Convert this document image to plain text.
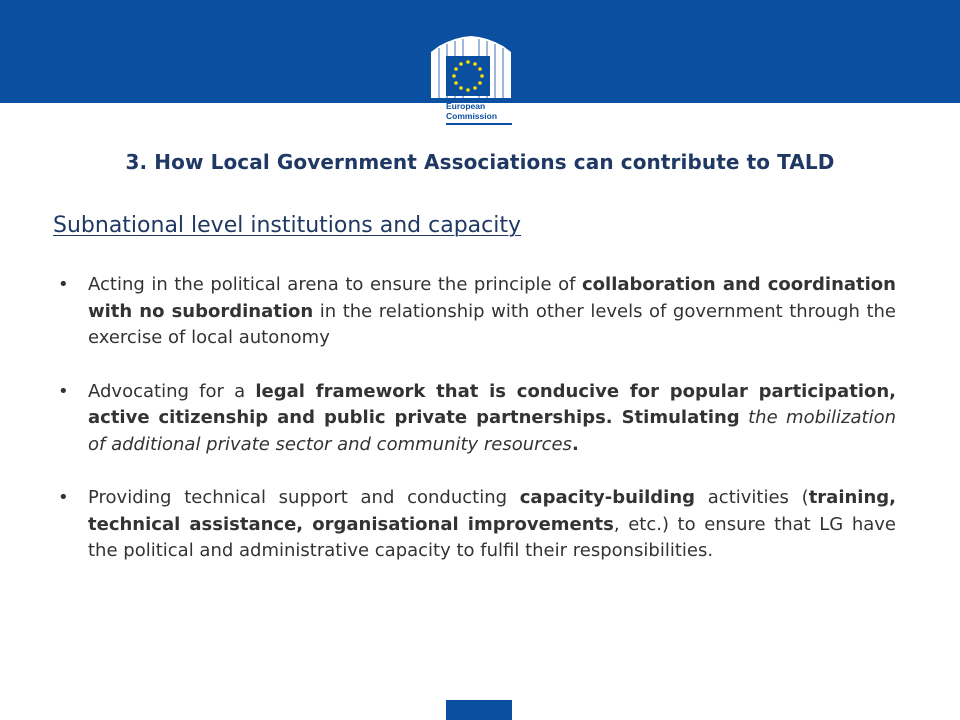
European
Commission
3. How Local Government Associations can contribute to TALD
Subnational level institutions and capacity
•	Acting in the political arena to ensure the principle of collaboration and coordination with no subordination in the relationship with other levels of government through the exercise of local autonomy
•	Advocating for a legal framework that is conducive for popular participation, active citizenship and public private partnerships. Stimulating the mobilization of additional private sector and community resources.
•	Providing technical support and conducting capacity-building activities (training, technical assistance, organisational improvements, etc.) to ensure that LG have the political and administrative capacity to fulfil their responsibilities.
